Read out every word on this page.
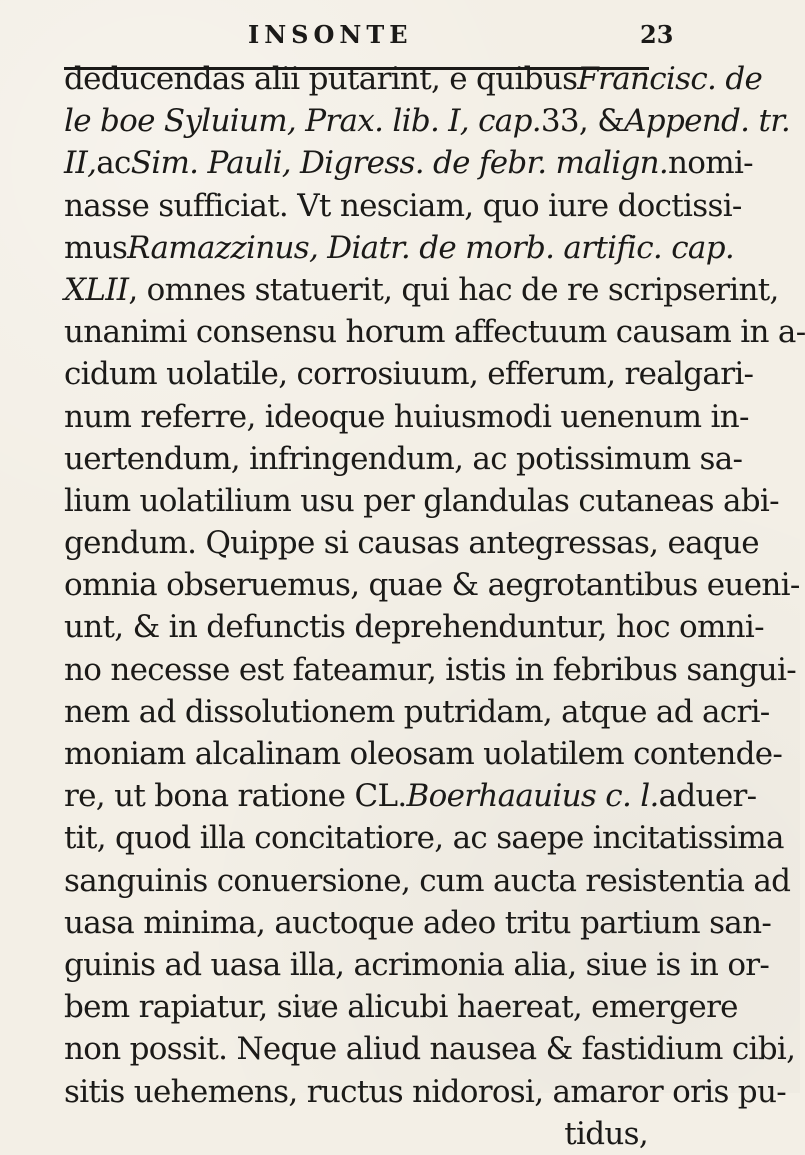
INSONTE	23
deducendas alii putarint, e quibus Francisc. de
le boe Syluium, Prax. lib. I, cap. 33, & Append. tr.
II, ac Sim. Pauli, Digress. de febr. malign. nomi-
nasse sufficiat. Vt nesciam, quo iure doctissi-
mus Ramazzinus, Diatr. de morb. artific. cap.
XLII , omnes statuerit, qui hac de re scripserint,
unanimi consensu horum affectuum causam in a-
cidum uolatile, corrosiuum, efferum, realgari-
num referre, ideoque huiusmodi uenenum in-
uertendum, infringendum, ac potissimum sa-
lium uolatilium usu per glandulas cutaneas abi-
gendum. Quippe si causas antegressas, eaque
omnia obseruemus, quae & aegrotantibus eueni-
unt, & in defunctis deprehenduntur, hoc omni-
no necesse est fateamur, istis in febribus sangui-
nem ad dissolutionem putridam, atque ad acri-
moniam alcalinam oleosam uolatilem contende-
re, ut bona ratione CL. Boerhaauius c. l. aduer-
tit, quod illa concitatiore, ac saepe incitatissima
sanguinis conuersione, cum aucta resistentia ad
uasa minima, auctoque adeo tritu partium san-
guinis ad uasa illa, acrimonia alia, siue is in or-
bem rapiatur, siue alicubi haereat, emergere
non possit. Neque aliud nausea & fastidium cibi,
sitis uehemens, ructus nidorosi, amaror oris pu-
tidus,
